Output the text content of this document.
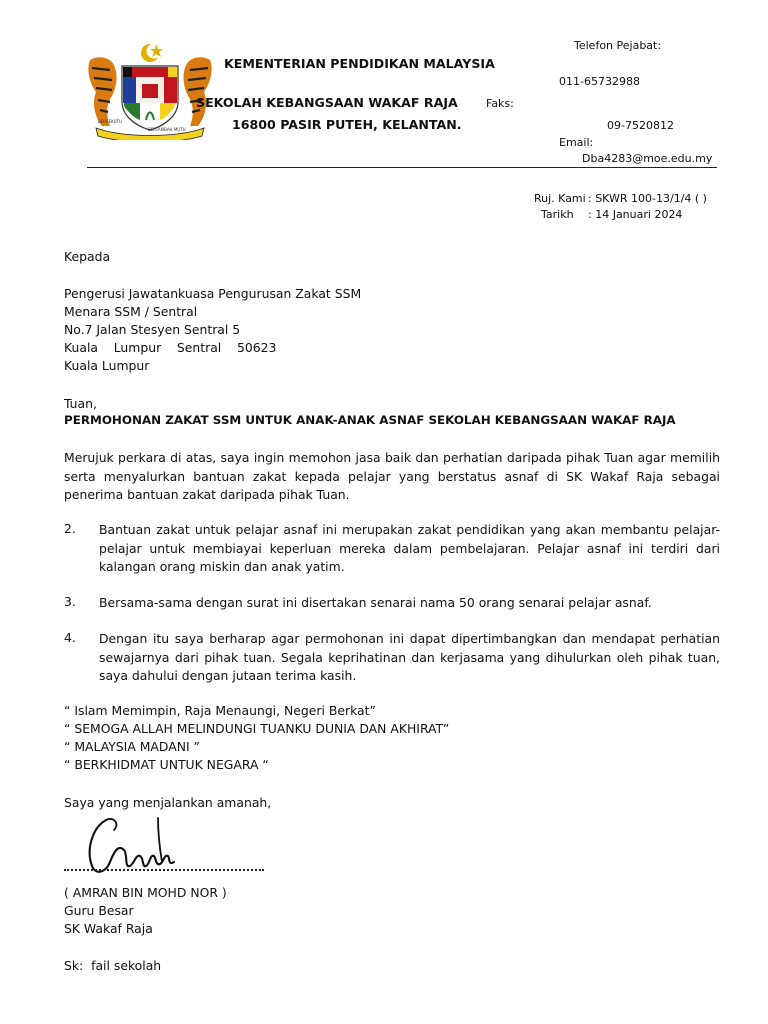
BERSEKUTU
BERTAMBAH MUTU
KEMENTERIAN PENDIDIKAN MALAYSIA
SEKOLAH KEBANGSAAN WAKAF RAJA
16800 PASIR PUTEH, KELANTAN.
Telefon Pejabat:
011-65732988
Faks:
09-7520812
Email:
Dba4283@moe.edu.my
Ruj. Kami : SKWR 100-13/1/4 ( )
Tarikh : 14 Januari 2024
Kepada
Pengerusi Jawatankuasa Pengurusan Zakat SSM
Menara SSM / Sentral
No.7 Jalan Stesyen Sentral 5
Kuala    Lumpur    Sentral    50623
Kuala Lumpur
Tuan,
PERMOHONAN ZAKAT SSM UNTUK ANAK-ANAK ASNAF SEKOLAH KEBANGSAAN WAKAF RAJA
Merujuk perkara di atas, saya ingin memohon jasa baik dan perhatian daripada pihak Tuan agar memilih serta menyalurkan bantuan zakat kepada pelajar yang berstatus asnaf di SK Wakaf Raja sebagai penerima bantuan zakat daripada pihak Tuan.
2. Bantuan zakat untuk pelajar asnaf ini merupakan zakat pendidikan yang akan membantu pelajar-pelajar untuk membiayai keperluan mereka dalam pembelajaran. Pelajar asnaf ini terdiri dari kalangan orang miskin dan anak yatim.
3. Bersama-sama dengan surat ini disertakan senarai nama 50 orang senarai pelajar asnaf.
4. Dengan itu saya berharap agar permohonan ini dapat dipertimbangkan dan mendapat perhatian sewajarnya dari pihak tuan. Segala keprihatinan dan kerjasama yang dihulurkan oleh pihak tuan, saya dahului dengan jutaan terima kasih.
“ Islam Memimpin, Raja Menaungi, Negeri Berkat”
“ SEMOGA ALLAH MELINDUNGI TUANKU DUNIA DAN AKHIRAT”
“ MALAYSIA MADANI ”
“ BERKHIDMAT UNTUK NEGARA “
Saya yang menjalankan amanah,
( AMRAN BIN MOHD NOR )
Guru Besar
SK Wakaf Raja
Sk:  fail sekolah
